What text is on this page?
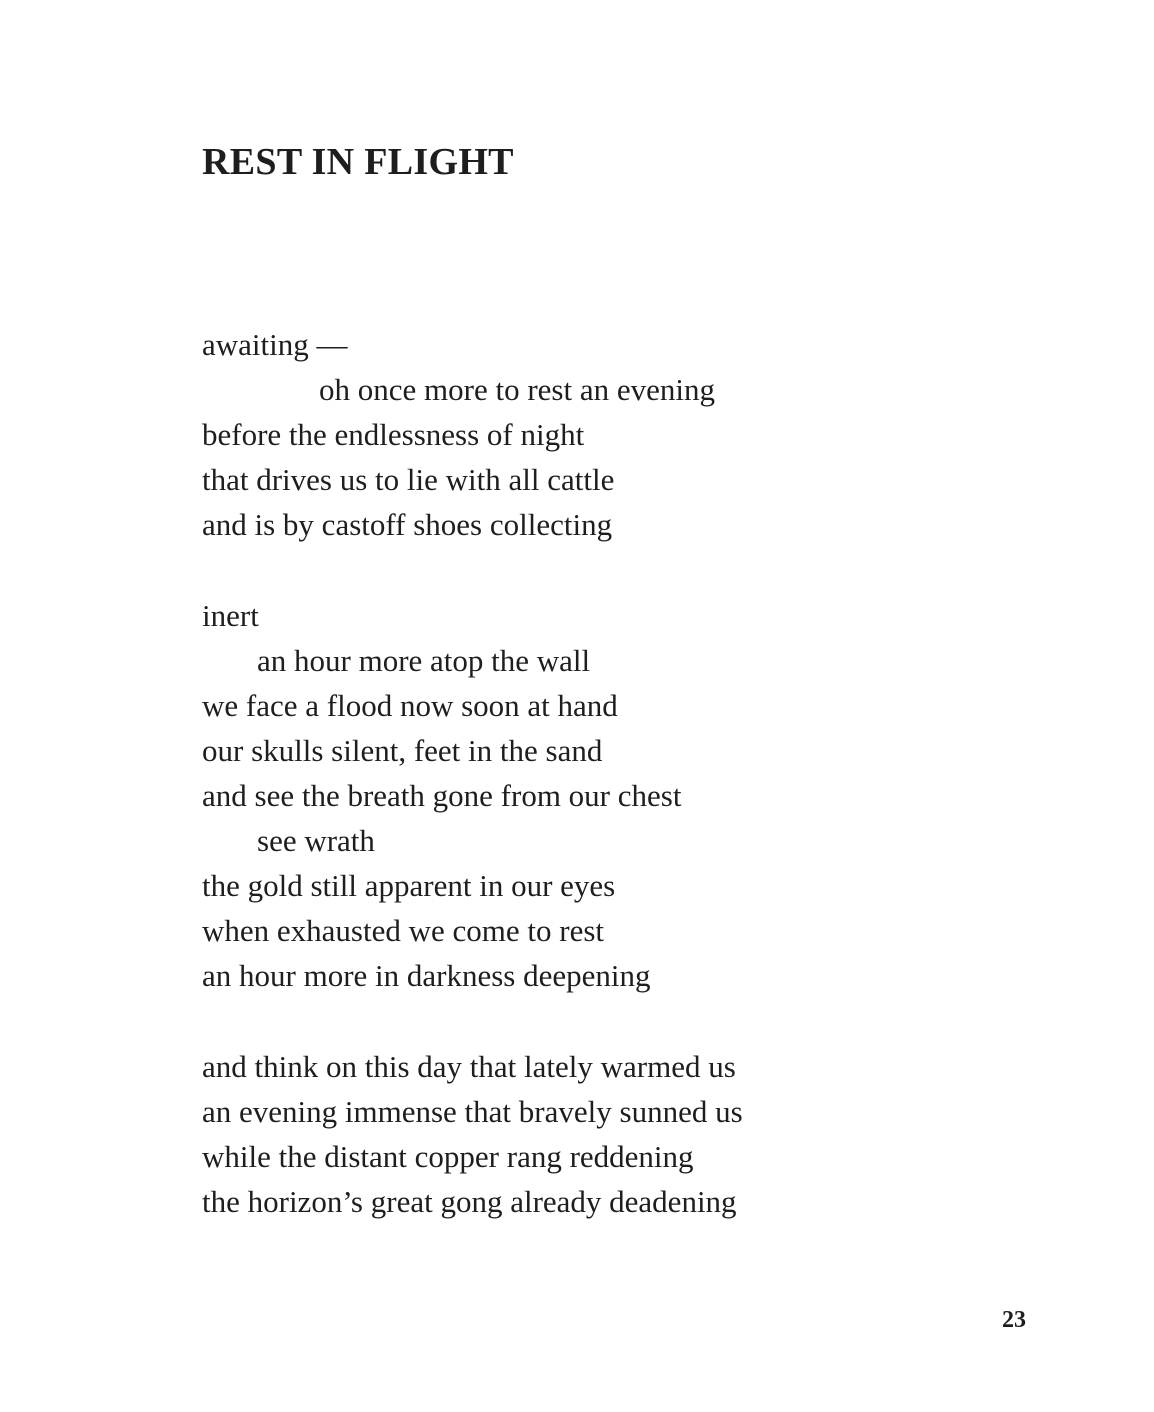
REST IN FLIGHT
awaiting —
oh once more to rest an evening
before the endlessness of night
that drives us to lie with all cattle
and is by castoff shoes collecting
inert
an hour more atop the wall
we face a flood now soon at hand
our skulls silent, feet in the sand
and see the breath gone from our chest
see wrath
the gold still apparent in our eyes
when exhausted we come to rest
an hour more in darkness deepening
and think on this day that lately warmed us
an evening immense that bravely sunned us
while the distant copper rang reddening
the horizon’s great gong already deadening
23
